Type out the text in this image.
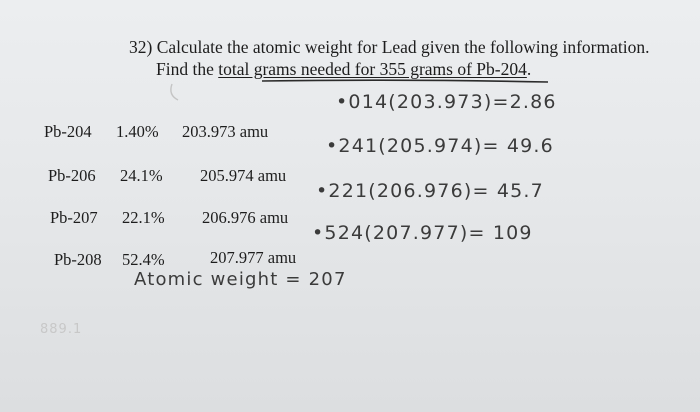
32) Calculate the atomic weight for Lead given the following information.
Find the total grams needed for 355 grams of Pb-204.
Pb-204 1.40% 203.973 amu
•014(203.973)=2.86
Pb-206 24.1% 205.974 amu
•241(205.974)= 49.6
Pb-207 22.1% 206.976 amu
•221(206.976)= 45.7
Pb-208 52.4%	207.977 amu
•524(207.977)= 109
Atomic weight = 207
889.1
